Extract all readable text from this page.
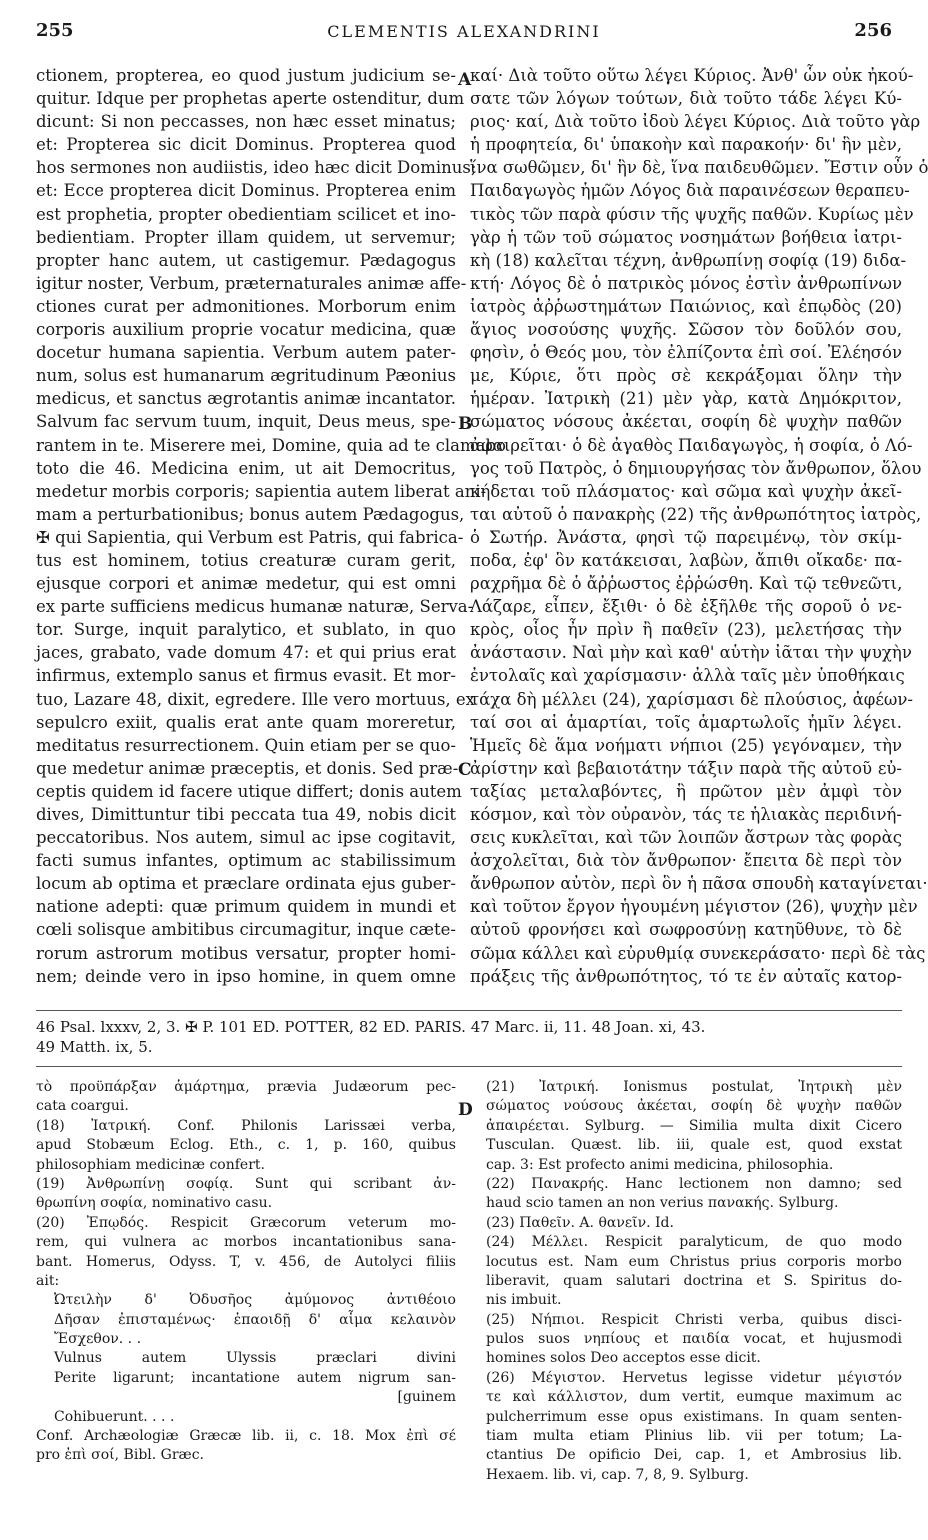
255	CLEMENTIS ALEXANDRINI	256
ctionem, propterea, eo quod justum judicium se-
quitur. Idque per prophetas aperte ostenditur, dum
dicunt: Si non peccasses, non hæc esset minatus;
et: Propterea sic dicit Dominus. Propterea quod
hos sermones non audiistis, ideo hæc dicit Dominus;
et: Ecce propterea dicit Dominus. Propterea enim
est prophetia, propter obedientiam scilicet et ino-
bedientiam. Propter illam quidem, ut servemur;
propter hanc autem, ut castigemur. Pædagogus
igitur noster, Verbum, præternaturales animæ affe-
ctiones curat per admonitiones. Morborum enim
corporis auxilium proprie vocatur medicina, quæ
docetur humana sapientia. Verbum autem pater-
num, solus est humanarum ægritudinum Pæonius
medicus, et sanctus ægrotantis animæ incantator.
Salvum fac servum tuum, inquit, Deus meus, spe-
rantem in te. Miserere mei, Domine, quia ad te clamabo
toto die 46. Medicina enim, ut ait Democritus,
medetur morbis corporis; sapientia autem liberat ani-
mam a perturbationibus; bonus autem Pædagogus,
✠ qui Sapientia, qui Verbum est Patris, qui fabrica-
tus est hominem, totius creaturæ curam gerit,
ejusque corpori et animæ medetur, qui est omni
ex parte sufficiens medicus humanæ naturæ, Serva-
tor. Surge, inquit paralytico, et sublato, in quo
jaces, grabato, vade domum 47: et qui prius erat
infirmus, extemplo sanus et firmus evasit. Et mor-
tuo, Lazare 48, dixit, egredere. Ille vero mortuus, ex
sepulcro exiit, qualis erat ante quam moreretur,
meditatus resurrectionem. Quin etiam per se quo-
que medetur animæ præceptis, et donis. Sed præ-
ceptis quidem id facere utique differt; donis autem
dives, Dimittuntur tibi peccata tua 49, nobis dicit
peccatoribus. Nos autem, simul ac ipse cogitavit,
facti sumus infantes, optimum ac stabilissimum
locum ab optima et præclare ordinata ejus guber-
natione adepti: quæ primum quidem in mundi et
cœli solisque ambitibus circumagitur, inque cæte-
rorum astrorum motibus versatur, propter homi-
nem; deinde vero in ipso homine, in quem omne
καί· Διὰ τοῦτο οὕτω λέγει Κύριος. Ἀνθ' ὧν οὐκ ἠκού-
σατε τῶν λόγων τούτων, διὰ τοῦτο τάδε λέγει Κύ-
ριος· καί, Διὰ τοῦτο ἰδοὺ λέγει Κύριος. Διὰ τοῦτο γὰρ
ἡ προφητεία, δι' ὑπακοὴν καὶ παρακοήν· δι' ἣν μὲν,
ἵνα σωθῶμεν, δι' ἣν δὲ, ἵνα παιδευθῶμεν. Ἔστιν οὖν ὁ
Παιδαγωγὸς ἡμῶν Λόγος διὰ παραινέσεων θεραπευ-
τικὸς τῶν παρὰ φύσιν τῆς ψυχῆς παθῶν. Κυρίως μὲν
γὰρ ἡ τῶν τοῦ σώματος νοσημάτων βοήθεια ἰατρι-
κὴ (18) καλεῖται τέχνη, ἀνθρωπίνῃ σοφίᾳ (19) διδα-
κτή· Λόγος δὲ ὁ πατρικὸς μόνος ἐστὶν ἀνθρωπίνων
ἰατρὸς ἀῤῥωστημάτων Παιώνιος, καὶ ἐπῳδὸς (20)
ἅγιος νοσούσης ψυχῆς. Σῶσον τὸν δοῦλόν σου,
φησὶν, ὁ Θεός μου, τὸν ἐλπίζοντα ἐπὶ σοί. Ἐλέησόν
με, Κύριε, ὅτι πρὸς σὲ κεκράξομαι ὅλην τὴν
ἡμέραν. Ἰατρικὴ (21) μὲν γὰρ, κατὰ Δημόκριτον,
σώματος νόσους ἀκέεται, σοφίη δὲ ψυχὴν παθῶν
ἀφαιρεῖται· ὁ δὲ ἀγαθὸς Παιδαγωγὸς, ἡ σοφία, ὁ Λό-
γος τοῦ Πατρὸς, ὁ δημιουργήσας τὸν ἄνθρωπον, ὅλου
κήδεται τοῦ πλάσματος· καὶ σῶμα καὶ ψυχὴν ἀκεῖ-
ται αὐτοῦ ὁ πανακρὴς (22) τῆς ἀνθρωπότητος ἰατρὸς,
ὁ Σωτήρ. Ἀνάστα, φησὶ τῷ παρειμένῳ, τὸν σκίμ-
ποδα, ἐφ' ὃν κατάκεισαι, λαβὼν, ἄπιθι οἴκαδε· πα-
ραχρῆμα δὲ ὁ ἄῤῥωστος ἐῤῥώσθη. Καὶ τῷ τεθνεῶτι,
Λάζαρε, εἶπεν, ἔξιθι· ὁ δὲ ἐξῆλθε τῆς σοροῦ ὁ νε-
κρὸς, οἷος ἦν πρὶν ἢ παθεῖν (23), μελετήσας τὴν
ἀνάστασιν. Ναὶ μὴν καὶ καθ' αὑτὴν ἰᾶται τὴν ψυχὴν
ἐντολαῖς καὶ χαρίσμασιν· ἀλλὰ ταῖς μὲν ὑποθήκαις
τάχα δὴ μέλλει (24), χαρίσμασι δὲ πλούσιος, ἀφέων-
ταί σοι αἱ ἁμαρτίαι, τοῖς ἁμαρτωλοῖς ἡμῖν λέγει.
Ἡμεῖς δὲ ἅμα νοήματι νήπιοι (25) γεγόναμεν, τὴν
ἀρίστην καὶ βεβαιοτάτην τάξιν παρὰ τῆς αὐτοῦ εὐ-
ταξίας μεταλαβόντες, ἣ πρῶτον μὲν ἀμφὶ τὸν
κόσμον, καὶ τὸν οὐρανὸν, τάς τε ἡλιακὰς περιδινή-
σεις κυκλεῖται, καὶ τῶν λοιπῶν ἄστρων τὰς φορὰς
ἀσχολεῖται, διὰ τὸν ἄνθρωπον· ἔπειτα δὲ περὶ τὸν
ἄνθρωπον αὐτὸν, περὶ ὃν ἡ πᾶσα σπουδὴ καταγίνεται·
καὶ τοῦτον ἔργον ἡγουμένη μέγιστον (26), ψυχὴν μὲν
αὐτοῦ φρονήσει καὶ σωφροσύνῃ κατηῦθυνε, τὸ δὲ
σῶμα κάλλει καὶ εὐρυθμίᾳ συνεκεράσατο· περὶ δὲ τὰς
πράξεις τῆς ἀνθρωπότητος, τό τε ἐν αὐταῖς κατορ-
A
B
C
D
46 Psal. lxxxv, 2, 3. ✠ P. 101 ED. POTTER, 82 ED. PARIS. 47 Marc. ii, 11. 48 Joan. xi, 43.
49 Matth. ix, 5.
τὸ προϋπάρξαν ἁμάρτημα, prævia Judæorum pec-
cata coargui.
(18) Ἰατρική. Conf. Philonis Larissæi verba,
apud Stobæum Eclog. Eth., c. 1, p. 160, quibus
philosophiam medicinæ confert.
(19) Ἀνθρωπίνῃ σοφίᾳ. Sunt qui scribant ἀν-
θρωπίνη σοφία, nominativo casu.
(20) Ἐπῳδός. Respicit Græcorum veterum mo-
rem, qui vulnera ac morbos incantationibus sana-
bant. Homerus, Odyss. T, v. 456, de Autolyci filiis
ait:
Ὠτειλὴν δ' Ὀδυσῆος ἀμύμονος ἀντιθέοιο
Δῆσαν ἐπισταμένως· ἐπαοιδῇ δ' αἷμα κελαινὸν
Ἔσχεθον. . .
Vulnus autem Ulyssis præclari divini
Perite ligarunt; incantatione autem nigrum san-
[guinem
Cohibuerunt. . . .
Conf. Archæologiæ Græcæ lib. ii, c. 18. Mox ἐπὶ σέ
pro ἐπὶ σοί, Bibl. Græc.
(21) Ἰατρική. Ionismus postulat, Ἰητρικὴ μὲν
σώματος νούσους ἀκέεται, σοφίη δὲ ψυχὴν παθῶν
ἀπαιρέεται. Sylburg. — Similia multa dixit Cicero
Tusculan. Quæst. lib. iii, quale est, quod exstat
cap. 3: Est profecto animi medicina, philosophia.
(22) Πανακρής. Hanc lectionem non damno; sed
haud scio tamen an non verius πανακής. Sylburg.
(23) Παθεῖν. A. θανεῖν. Id.
(24) Μέλλει. Respicit paralyticum, de quo modo
locutus est. Nam eum Christus prius corporis morbo
liberavit, quam salutari doctrina et S. Spiritus do-
nis imbuit.
(25) Νήπιοι. Respicit Christi verba, quibus disci-
pulos suos νηπίους et παιδία vocat, et hujusmodi
homines solos Deo acceptos esse dicit.
(26) Μέγιστον. Hervetus legisse videtur μέγιστόν
τε καὶ κάλλιστον, dum vertit, eumque maximum ac
pulcherrimum esse opus existimans. In quam senten-
tiam multa etiam Plinius lib. vii per totum; La-
ctantius De opificio Dei, cap. 1, et Ambrosius lib.
Hexaem. lib. vi, cap. 7, 8, 9. Sylburg.
